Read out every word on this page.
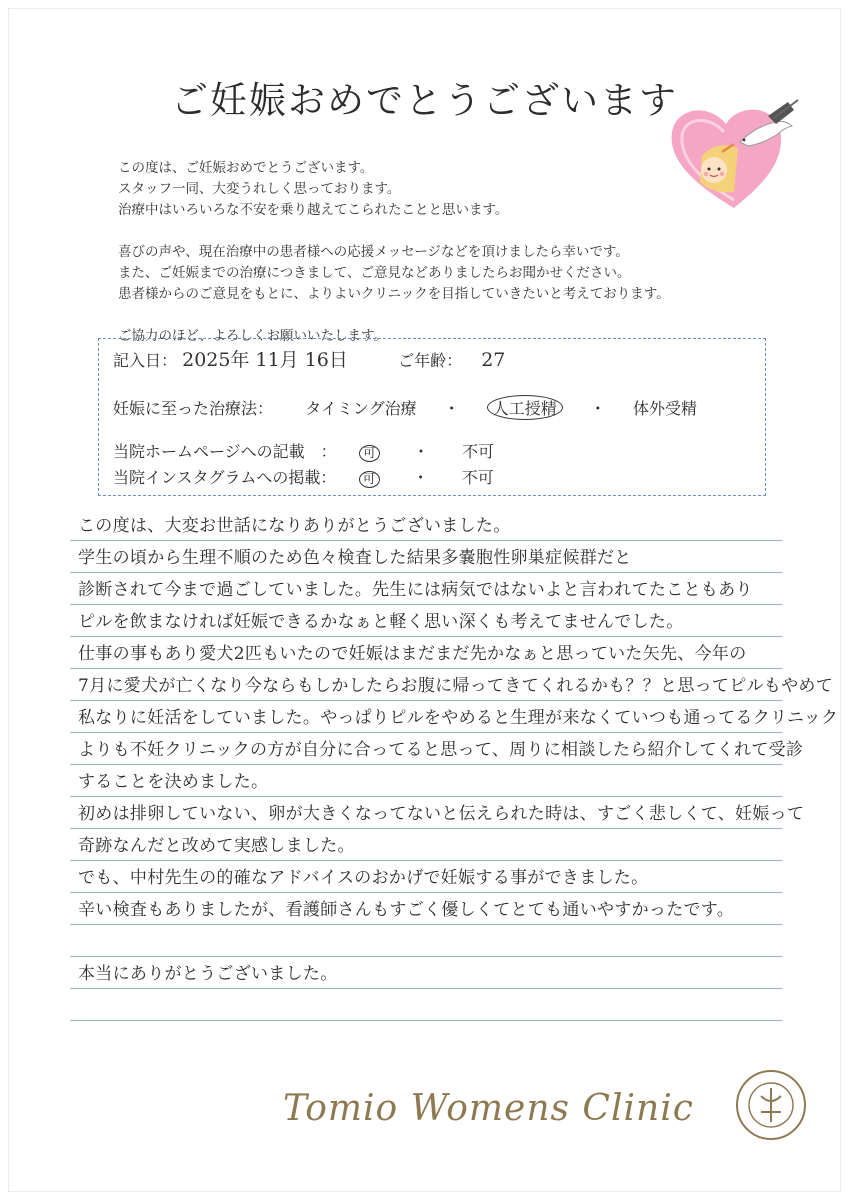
ご妊娠おめでとうございます

この度は、ご妊娠おめでとうございます。
スタッフ一同、大変うれしく思っております。
治療中はいろいろな不安を乗り越えてこられたことと思います。

喜びの声や、現在治療中の患者様への応援メッセージなどを頂けましたら幸いです。
また、ご妊娠までの治療につきまして、ご意見などありましたらお聞かせください。
患者様からのご意見をもとに、よりよいクリニックを目指していきたいと考えております。

ご協力のほど、よろしくお願いいたします。

記入日： 2025年 11月 16日	ご年齢： 27
妊娠に至った治療法： タイミング治療 ・ 人工授精 ・ 体外受精
当院ホームページへの記載　： 可 ・ 不可
当院インスタグラムへの掲載： 可 ・ 不可
この度は、大変お世話になりありがとうございました。
学生の頃から生理不順のため色々検査した結果多嚢胞性卵巣症候群だと
診断されて今まで過ごしていました。先生には病気ではないよと言われてたこともあり
ピルを飲まなければ妊娠できるかなぁと軽く思い深くも考えてませんでした。
仕事の事もあり愛犬2匹もいたので妊娠はまだまだ先かなぁと思っていた矢先、今年の
7月に愛犬が亡くなり今ならもしかしたらお腹に帰ってきてくれるかも？？と思ってピルもやめて
私なりに妊活をしていました。やっぱりピルをやめると生理が来なくていつも通ってるクリニック
よりも不妊クリニックの方が自分に合ってると思って、周りに相談したら紹介してくれて受診
することを決めました。
初めは排卵していない、卵が大きくなってないと伝えられた時は、すごく悲しくて、妊娠って
奇跡なんだと改めて実感しました。
でも、中村先生の的確なアドバイスのおかげで妊娠する事ができました。
辛い検査もありましたが、看護師さんもすごく優しくてとても通いやすかったです。
本当にありがとうございました。
Tomio Womens Clinic
